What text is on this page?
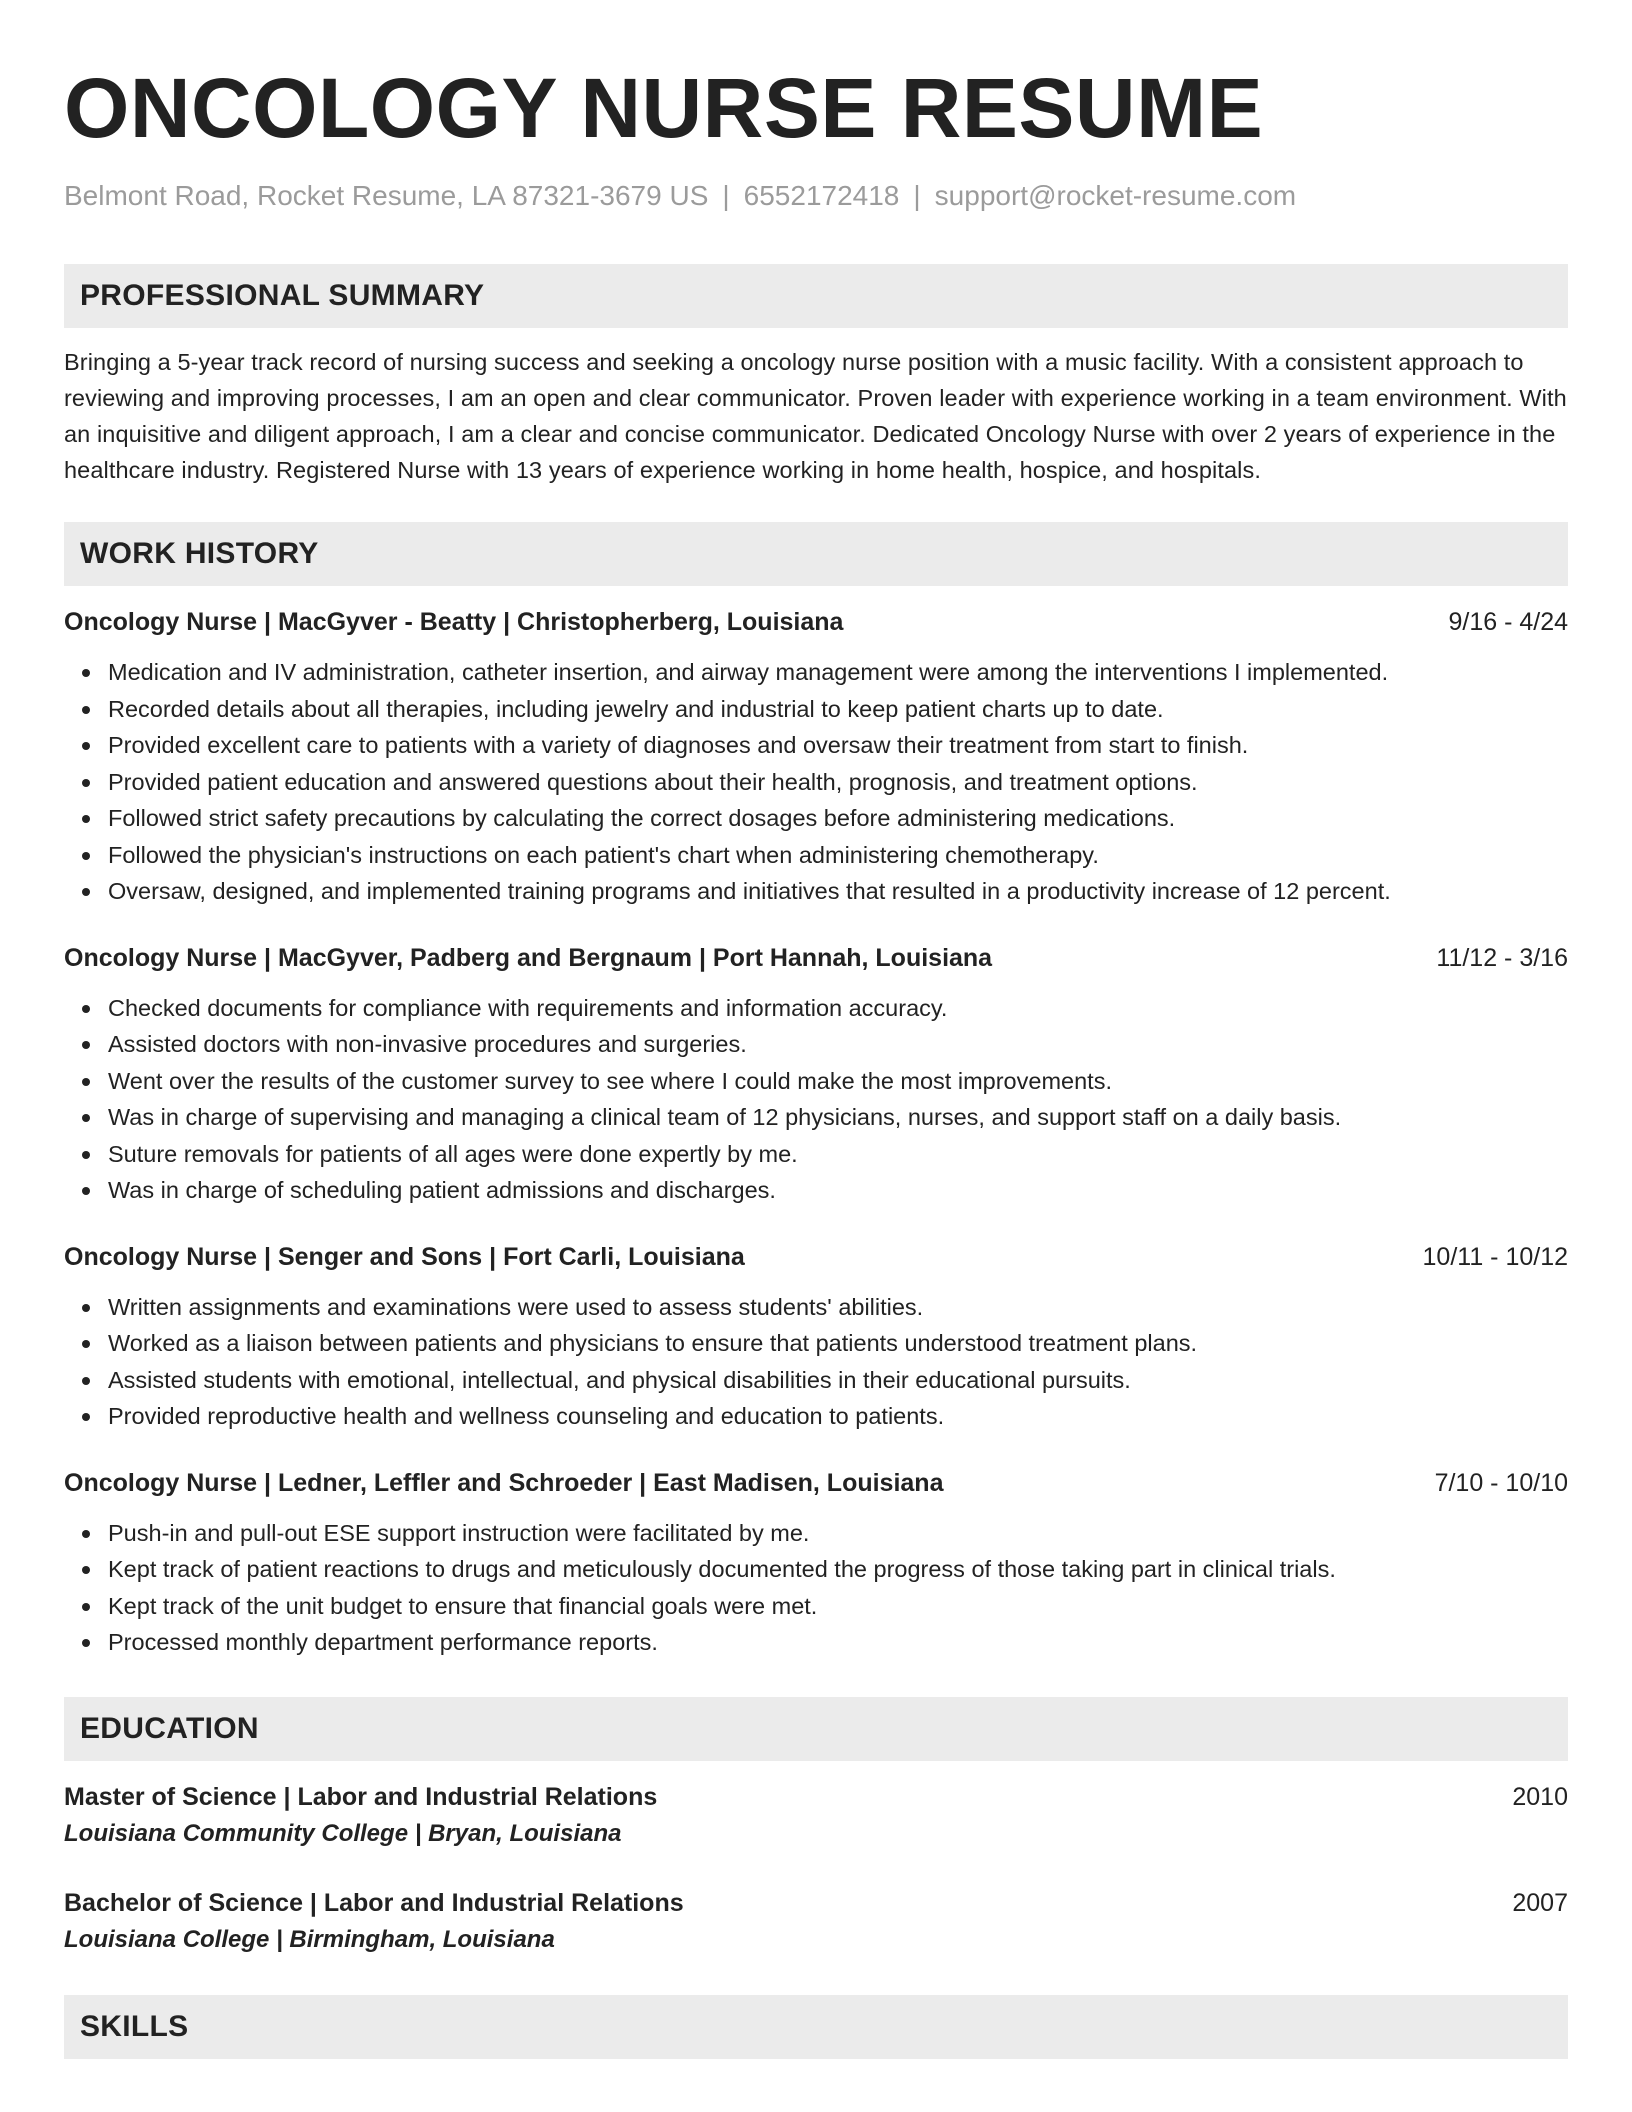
ONCOLOGY NURSE RESUME
Belmont Road, Rocket Resume, LA 87321-3679 US | 6552172418 | support@rocket-resume.com
PROFESSIONAL SUMMARY
Bringing a 5-year track record of nursing success and seeking a oncology nurse position with a music facility. With a consistent approach to reviewing and improving processes, I am an open and clear communicator. Proven leader with experience working in a team environment. With an inquisitive and diligent approach, I am a clear and concise communicator. Dedicated Oncology Nurse with over 2 years of experience in the healthcare industry. Registered Nurse with 13 years of experience working in home health, hospice, and hospitals.
WORK HISTORY
Oncology Nurse | MacGyver - Beatty | Christopherberg, Louisiana	9/16 - 4/24
Medication and IV administration, catheter insertion, and airway management were among the interventions I implemented.
Recorded details about all therapies, including jewelry and industrial to keep patient charts up to date.
Provided excellent care to patients with a variety of diagnoses and oversaw their treatment from start to finish.
Provided patient education and answered questions about their health, prognosis, and treatment options.
Followed strict safety precautions by calculating the correct dosages before administering medications.
Followed the physician's instructions on each patient's chart when administering chemotherapy.
Oversaw, designed, and implemented training programs and initiatives that resulted in a productivity increase of 12 percent.
Oncology Nurse | MacGyver, Padberg and Bergnaum | Port Hannah, Louisiana	11/12 - 3/16
Checked documents for compliance with requirements and information accuracy.
Assisted doctors with non-invasive procedures and surgeries.
Went over the results of the customer survey to see where I could make the most improvements.
Was in charge of supervising and managing a clinical team of 12 physicians, nurses, and support staff on a daily basis.
Suture removals for patients of all ages were done expertly by me.
Was in charge of scheduling patient admissions and discharges.
Oncology Nurse | Senger and Sons | Fort Carli, Louisiana	10/11 - 10/12
Written assignments and examinations were used to assess students' abilities.
Worked as a liaison between patients and physicians to ensure that patients understood treatment plans.
Assisted students with emotional, intellectual, and physical disabilities in their educational pursuits.
Provided reproductive health and wellness counseling and education to patients.
Oncology Nurse | Ledner, Leffler and Schroeder | East Madisen, Louisiana	7/10 - 10/10
Push-in and pull-out ESE support instruction were facilitated by me.
Kept track of patient reactions to drugs and meticulously documented the progress of those taking part in clinical trials.
Kept track of the unit budget to ensure that financial goals were met.
Processed monthly department performance reports.
EDUCATION
Master of Science | Labor and Industrial Relations	2010
Louisiana Community College | Bryan, Louisiana
Bachelor of Science | Labor and Industrial Relations	2007
Louisiana College | Birmingham, Louisiana
SKILLS
